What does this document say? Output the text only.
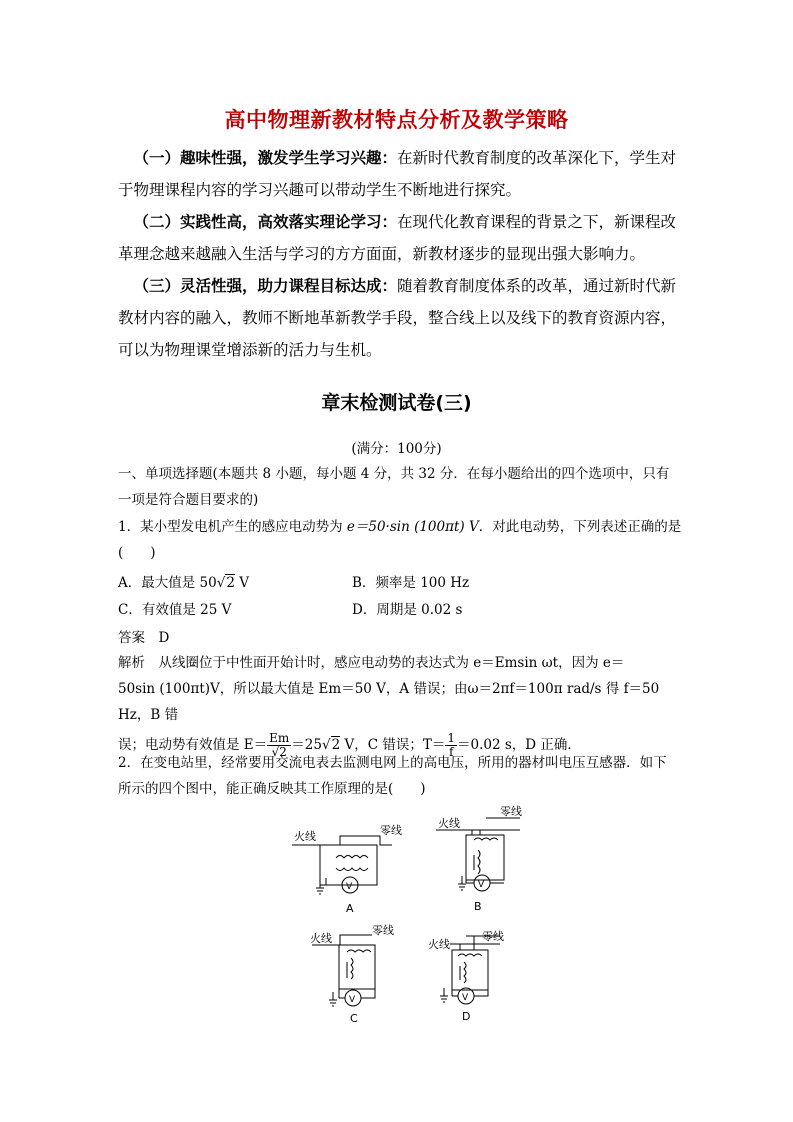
高中物理新教材特点分析及教学策略
 （一）趣味性强，激发学生学习兴趣：在新时代教育制度的改革深化下，学生对
于物理课程内容的学习兴趣可以带动学生不断地进行探究。
 （二）实践性高，高效落实理论学习：在现代化教育课程的背景之下，新课程改
革理念越来越融入生活与学习的方方面面，新教材逐步的显现出强大影响力。
 （三）灵活性强，助力课程目标达成：随着教育制度体系的改革，通过新时代新
教材内容的融入，教师不断地革新教学手段，整合线上以及线下的教育资源内容，
可以为物理课堂增添新的活力与生机。
章末检测试卷(三)
(满分：100分)
一、单项选择题(本题共 8 小题，每小题 4 分，共 32 分．在每小题给出的四个选项中，只有
一项是符合题目要求的)
1．某小型发电机产生的感应电动势为 e＝50·sin (100πt) V．对此电动势，下列表述正确的是
(　　)
A．最大值是 50√2 V	B．频率是 100 Hz
C．有效值是 25 V	D．周期是 0.02 s
答案  D
解析  从线圈位于中性面开始计时，感应电动势的表达式为 e＝Emsin ωt，因为 e＝
50sin (100πt)V，所以最大值是 Em＝50 V，A 错误；由ω＝2πf＝100π rad/s 得 f＝50 Hz，B 错
误；电动势有效值是 $E= \frac{Em}{√2} =25√2$ V，C 错误；$T= \frac{1}{f} =0.02$ s，D 正确．
2．在变电站里，经常要用交流电表去监测电网上的高电压，所用的器材叫电压互感器．如下
所示的四个图中，能正确反映其工作原理的是(　　)
火线	零线
V
A
火线
零线
V
B
火线
零线
V
C
火线
零线
V
D
